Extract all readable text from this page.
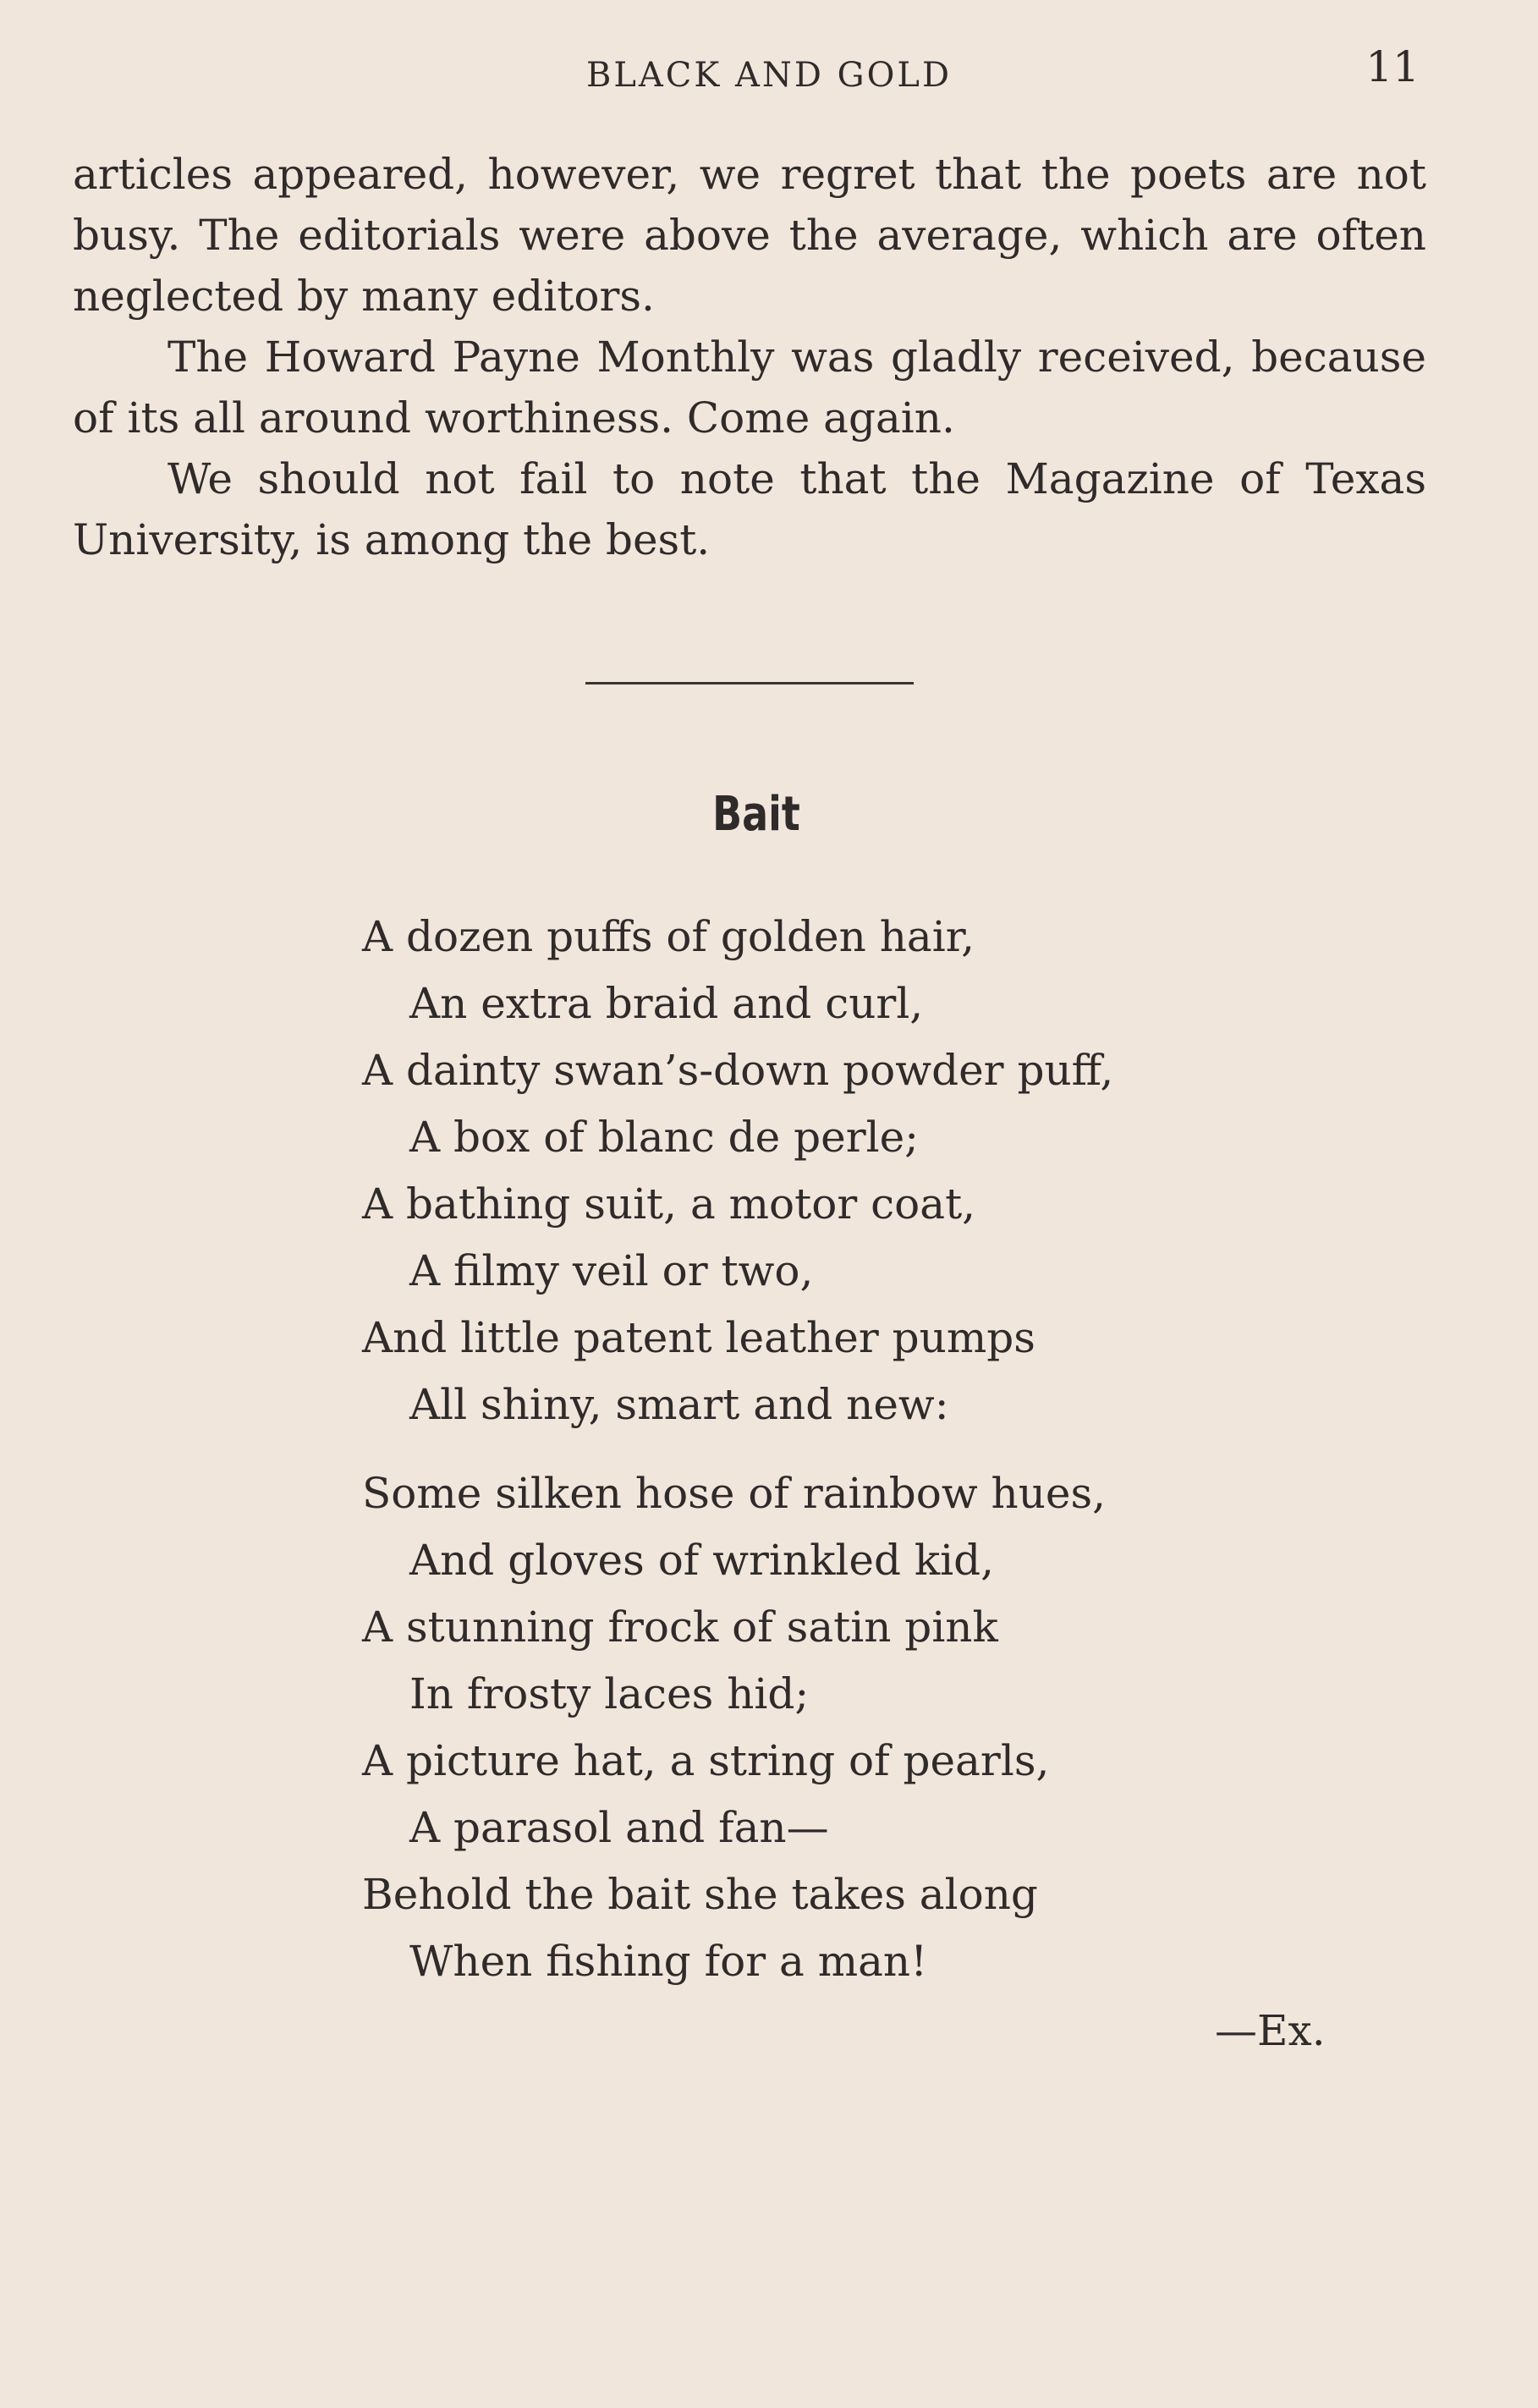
BLACK AND GOLD	11

articles appeared, however, we regret that the poets are not busy. The editorials were above the average, which are often neglected by many editors.

The Howard Payne Monthly was gladly received, because of its all around worthiness. Come again.

We should not fail to note that the Magazine of Texas University, is among the best.

Bait
A dozen puffs of golden hair,
An extra braid and curl,
A dainty swan’s-down powder puff,
A box of blanc de perle;
A bathing suit, a motor coat,
A filmy veil or two,
And little patent leather pumps
All shiny, smart and new:
Some silken hose of rainbow hues,
And gloves of wrinkled kid,
A stunning frock of satin pink
In frosty laces hid;
A picture hat, a string of pearls,
A parasol and fan—
Behold the bait she takes along
When fishing for a man!
—Ex.
